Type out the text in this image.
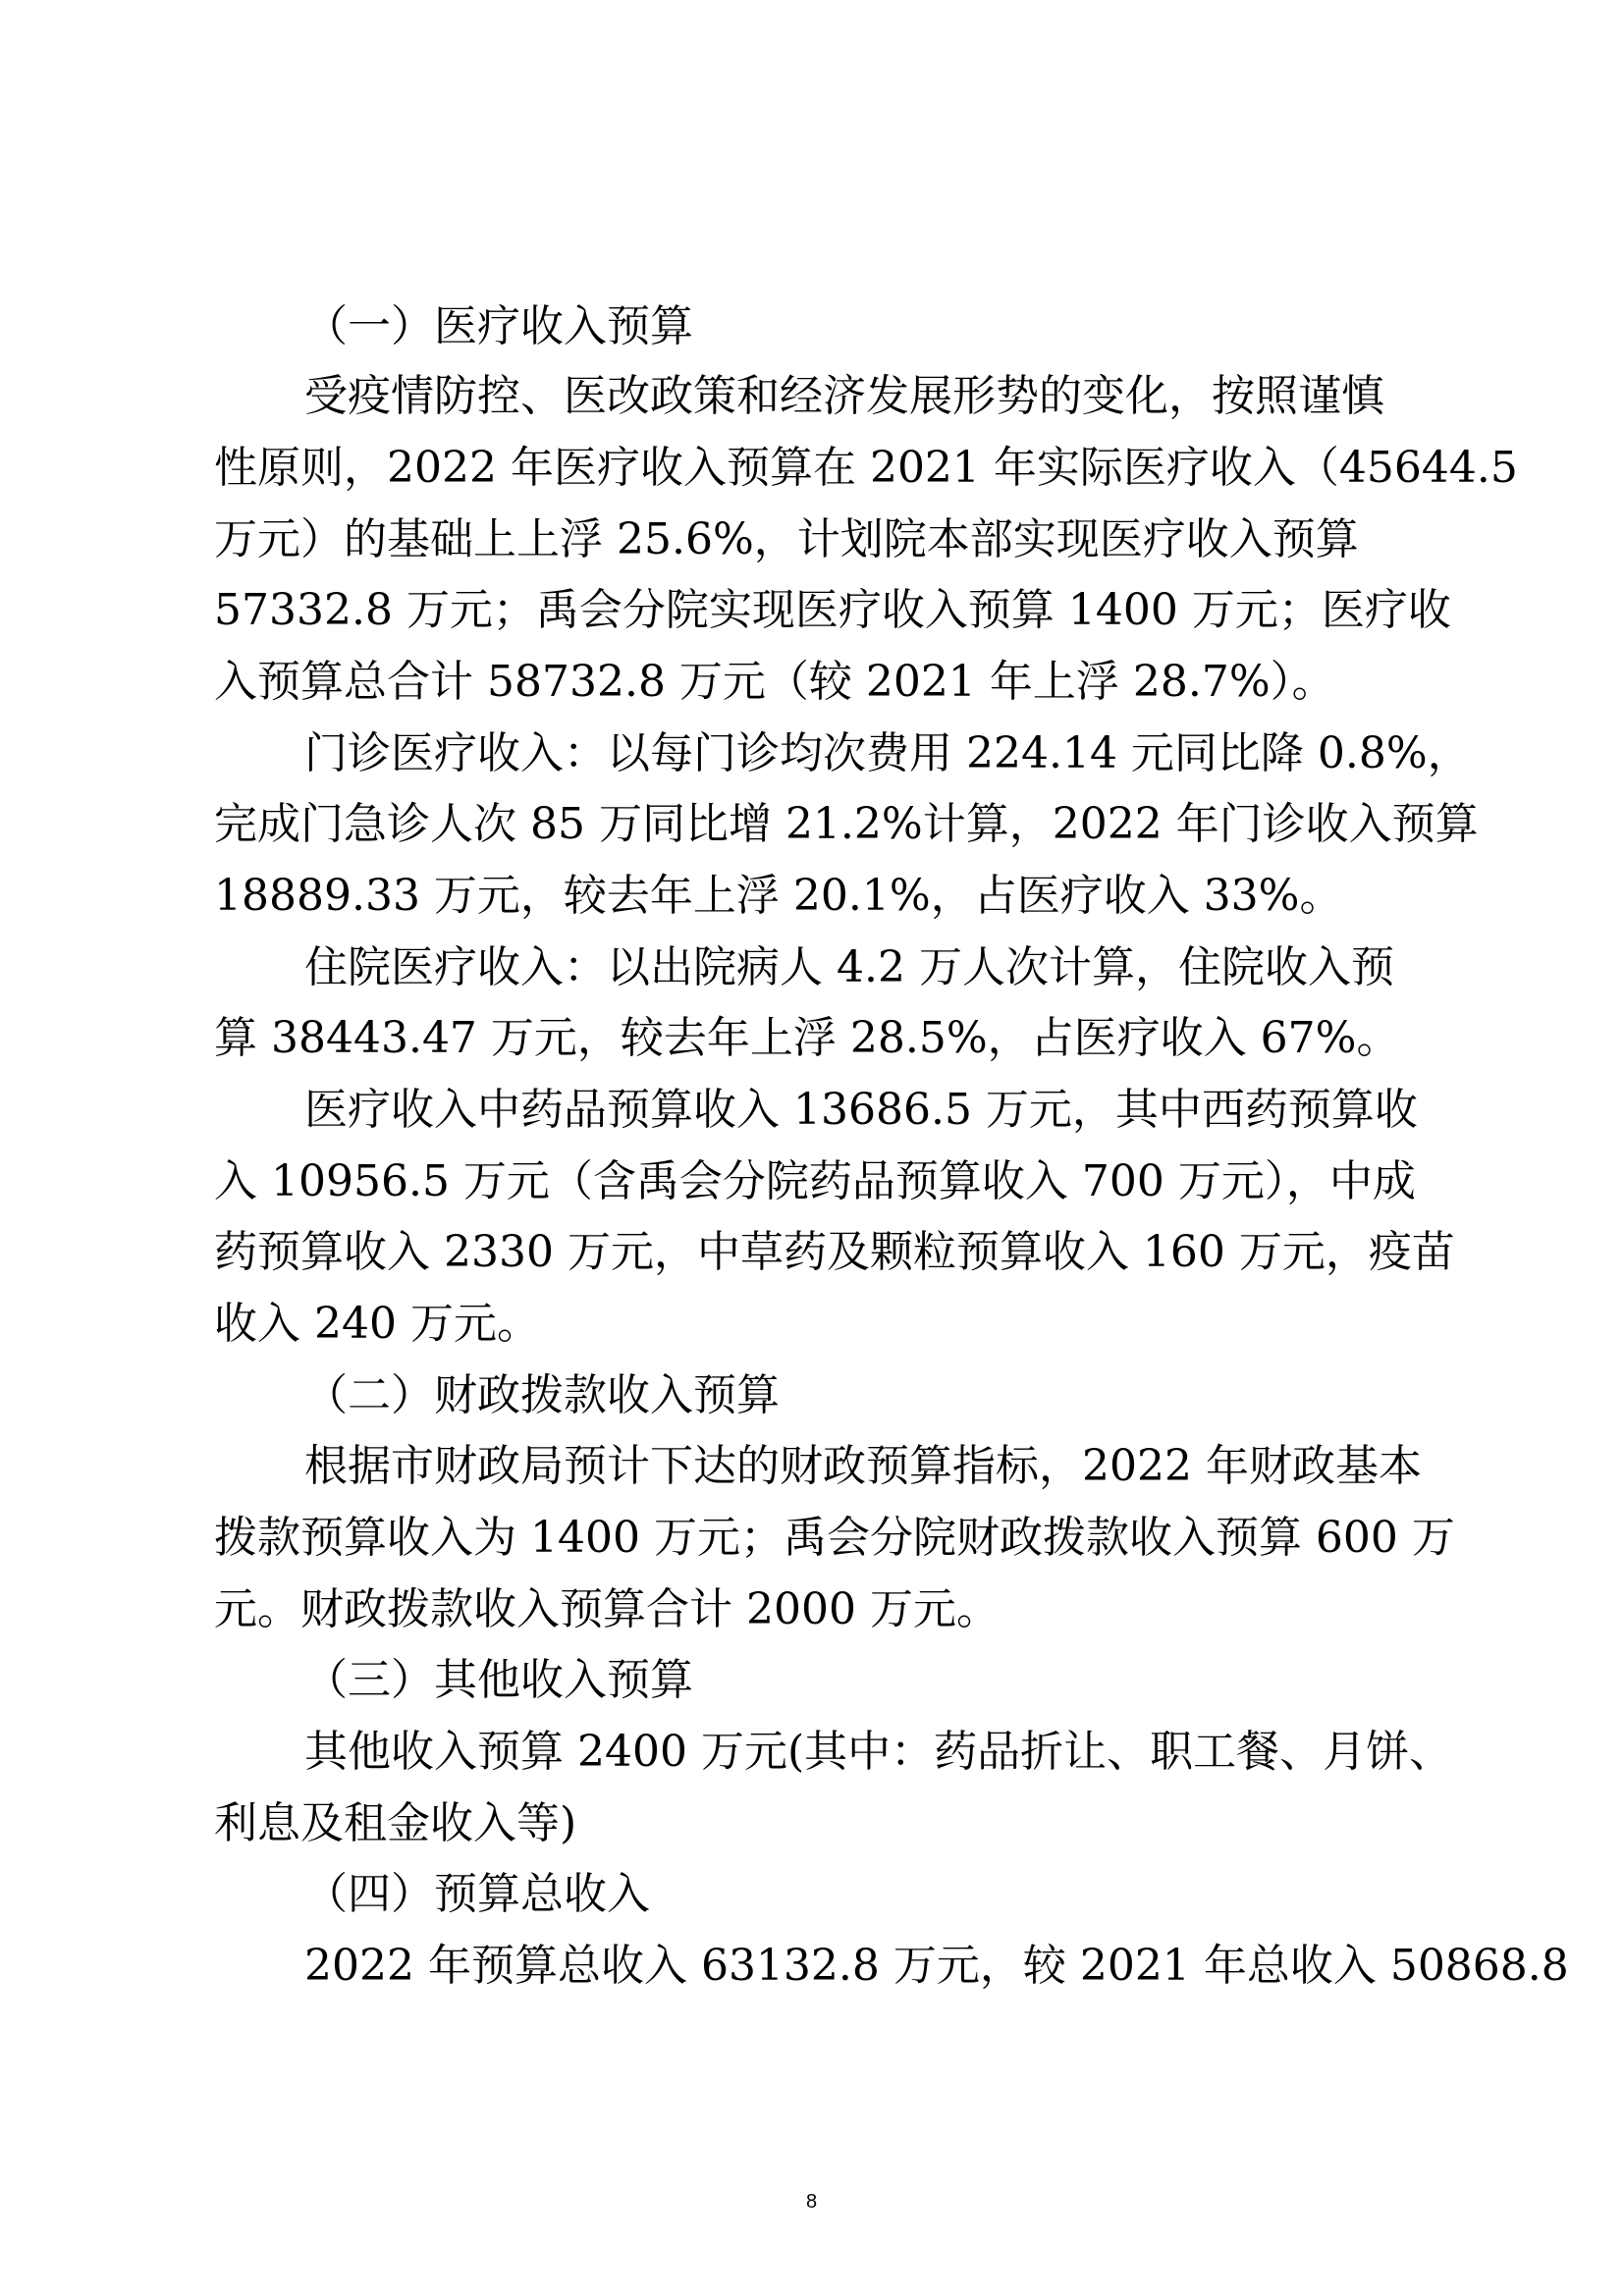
（一）医疗收入预算
受疫情防控、医改政策和经济发展形势的变化，按照谨慎
性原则，2022 年医疗收入预算在 2021 年实际医疗收入（45644.5
万元）的基础上上浮 25.6%，计划院本部实现医疗收入预算
57332.8 万元；禹会分院实现医疗收入预算 1400 万元；医疗收
入预算总合计 58732.8 万元（较 2021 年上浮 28.7%）。
门诊医疗收入：以每门诊均次费用 224.14 元同比降 0.8%，
完成门急诊人次 85 万同比增 21.2%计算，2022 年门诊收入预算
18889.33 万元，较去年上浮 20.1%，占医疗收入 33%。
住院医疗收入：以出院病人 4.2 万人次计算，住院收入预
算 38443.47 万元，较去年上浮 28.5%，占医疗收入 67%。
医疗收入中药品预算收入 13686.5 万元，其中西药预算收
入 10956.5 万元（含禹会分院药品预算收入 700 万元），中成
药预算收入 2330 万元，中草药及颗粒预算收入 160 万元，疫苗
收入 240 万元。
（二）财政拨款收入预算
根据市财政局预计下达的财政预算指标，2022 年财政基本
拨款预算收入为 1400 万元；禹会分院财政拨款收入预算 600 万
元。财政拨款收入预算合计 2000 万元。
（三）其他收入预算
其他收入预算 2400 万元(其中：药品折让、职工餐、月饼、
利息及租金收入等)
（四）预算总收入
2022 年预算总收入 63132.8 万元，较 2021 年总收入 50868.8
8
